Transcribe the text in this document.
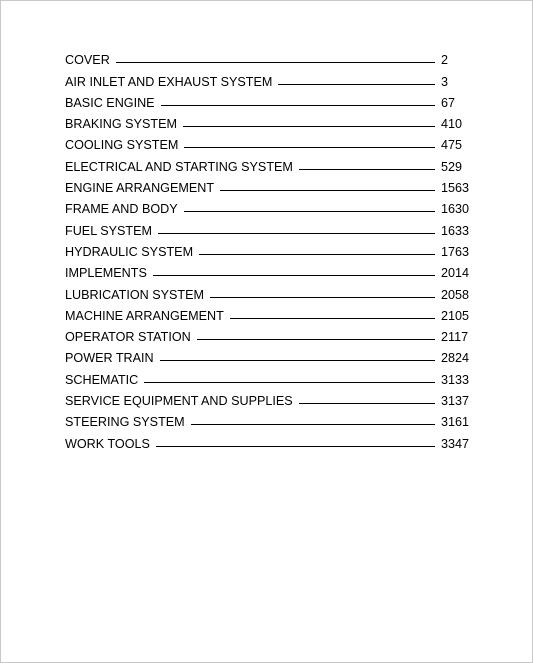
COVER	2
AIR INLET AND EXHAUST SYSTEM	3
BASIC ENGINE	67
BRAKING SYSTEM	410
COOLING SYSTEM	475
ELECTRICAL AND STARTING SYSTEM	529
ENGINE ARRANGEMENT	1563
FRAME AND BODY	1630
FUEL SYSTEM	1633
HYDRAULIC SYSTEM	1763
IMPLEMENTS	2014
LUBRICATION SYSTEM	2058
MACHINE ARRANGEMENT	2105
OPERATOR STATION	2117
POWER TRAIN	2824
SCHEMATIC	3133
SERVICE EQUIPMENT AND SUPPLIES	3137
STEERING SYSTEM	3161
WORK TOOLS	3347
